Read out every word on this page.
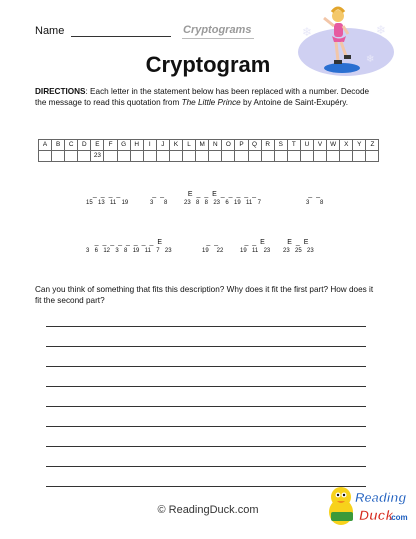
Name	Cryptograms	❄	❄
❄
Cryptogram
DIRECTIONS: Each letter in the statement below has been replaced with a number. Decode the message to read this quotation from The Little Prince by Antoine de Saint-Exupéry.
A	B	C	D	E	F	G	H	I	J	K	L	M	N	O	P	Q	R	S	T	U	V	W	X	Y	Z
				23																					
_ _ _ _
15  13  11  19
_ _
3    8
E _ _ E _ _ _ _ _
23  8  8  23  6  19  11  7
_ _
3    8
_ _ _ _ _ _ _ _ E
3  6  12  3  8  19  11  7  23
_ _
19   22
_ _ E
19  11  23
E _ E
23  25  23
Can you think of something that fits this description? Why does it fit the first part? How does it fit the second part?
© ReadingDuck.com
Reading
Duck
.com
